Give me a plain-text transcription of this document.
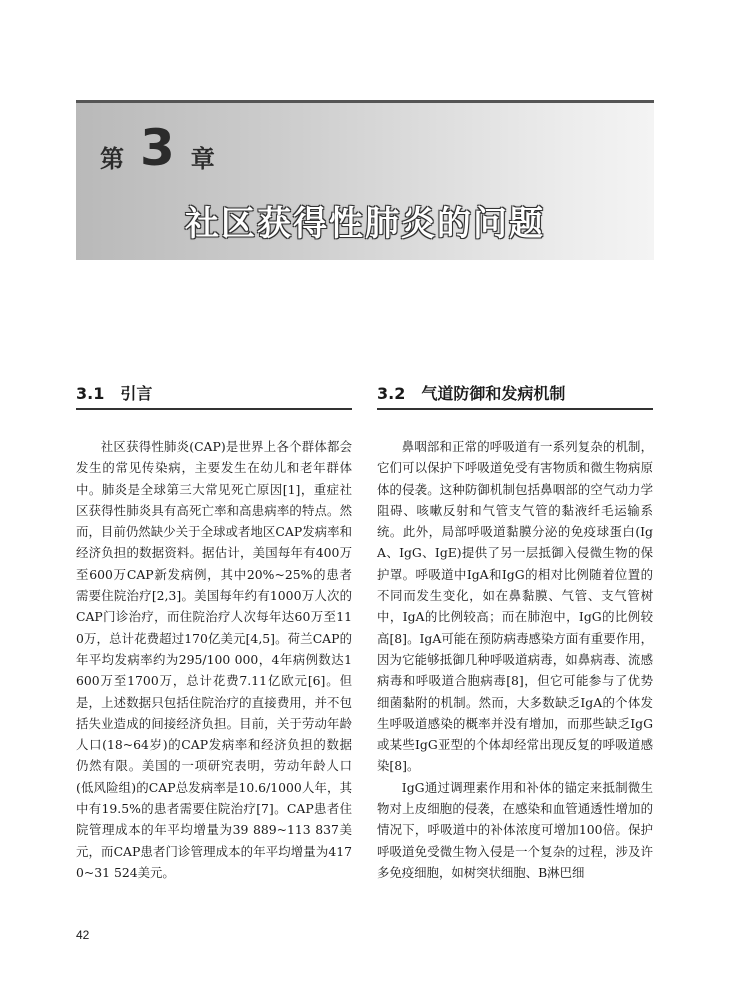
第 3 章
社区获得性肺炎的问题
3.1 引言

社区获得性肺炎(CAP)是世界上各个群体都会发生的常见传染病，主要发生在幼儿和老年群体中。肺炎是全球第三大常见死亡原因[1]，重症社区获得性肺炎具有高死亡率和高患病率的特点。然而，目前仍然缺少关于全球或者地区CAP发病率和经济负担的数据资料。据估计，美国每年有400万至600万CAP新发病例，其中20%~25%的患者需要住院治疗[2,3]。美国每年约有1000万人次的CAP门诊治疗，而住院治疗人次每年达60万至110万，总计花费超过170亿美元[4,5]。荷兰CAP的年平均发病率约为295/100 000，4年病例数达1600万至1700万，总计花费7.11亿欧元[6]。但是，上述数据只包括住院治疗的直接费用，并不包括失业造成的间接经济负担。目前，关于劳动年龄人口(18~64岁)的CAP发病率和经济负担的数据仍然有限。美国的一项研究表明，劳动年龄人口(低风险组)的CAP总发病率是10.6/1000人年，其中有19.5%的患者需要住院治疗[7]。CAP患者住院管理成本的年平均增量为39 889~113 837美元，而CAP患者门诊管理成本的年平均增量为4170~31 524美元。

3.2 气道防御和发病机制

鼻咽部和正常的呼吸道有一系列复杂的机制，它们可以保护下呼吸道免受有害物质和微生物病原体的侵袭。这种防御机制包括鼻咽部的空气动力学阻碍、咳嗽反射和气管支气管的黏液纤毛运输系统。此外，局部呼吸道黏膜分泌的免疫球蛋白(IgA、IgG、IgE)提供了另一层抵御入侵微生物的保护罩。呼吸道中IgA和IgG的相对比例随着位置的不同而发生变化，如在鼻黏膜、气管、支气管树中，IgA的比例较高；而在肺泡中，IgG的比例较高[8]。IgA可能在预防病毒感染方面有重要作用，因为它能够抵御几种呼吸道病毒，如鼻病毒、流感病毒和呼吸道合胞病毒[8]，但它可能参与了优势细菌黏附的机制。然而，大多数缺乏IgA的个体发生呼吸道感染的概率并没有增加，而那些缺乏IgG或某些IgG亚型的个体却经常出现反复的呼吸道感染[8]。

IgG通过调理素作用和补体的锚定来抵制微生物对上皮细胞的侵袭，在感染和血管通透性增加的情况下，呼吸道中的补体浓度可增加100倍。保护呼吸道免受微生物入侵是一个复杂的过程，涉及许多免疫细胞，如树突状细胞、B淋巴细

42
